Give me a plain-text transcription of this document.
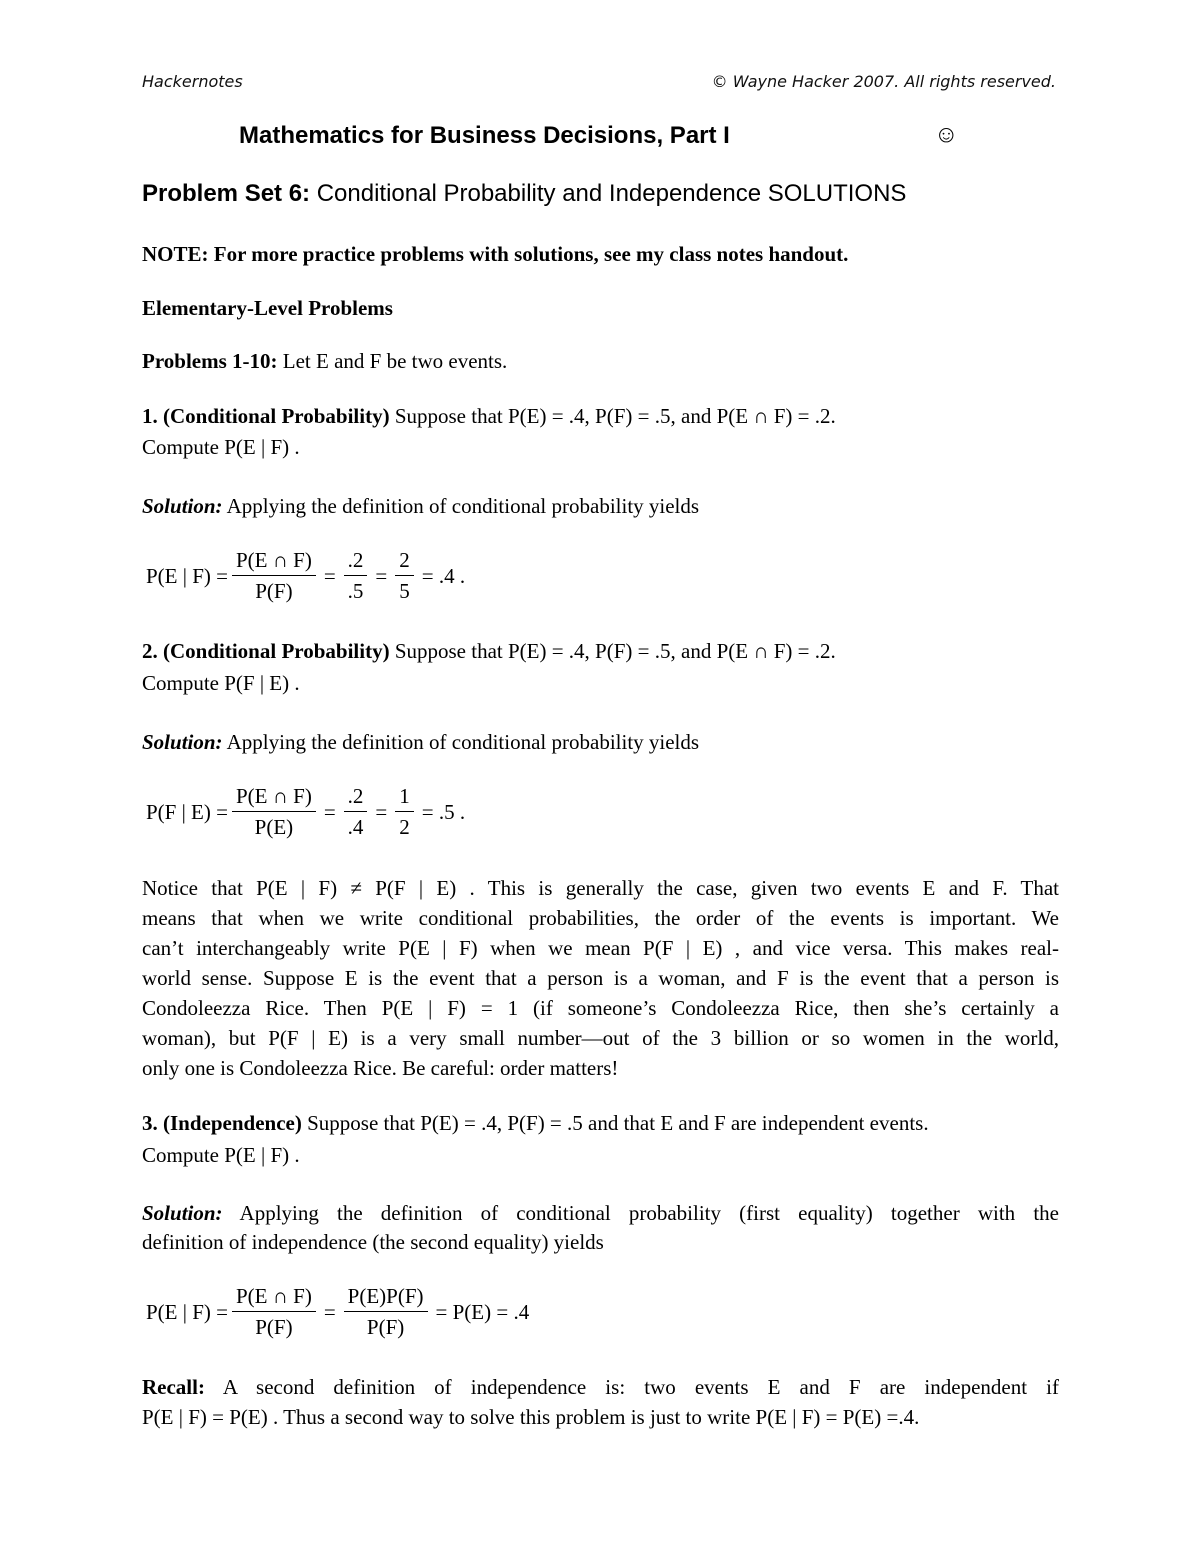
Hackernotes	© Wayne Hacker 2007. All rights reserved.
Mathematics for Business Decisions, Part I	☺
Problem Set 6: Conditional Probability and Independence SOLUTIONS
NOTE: For more practice problems with solutions, see my class notes handout.
Elementary-Level Problems
Problems 1-10: Let E and F be two events.
1. (Conditional Probability) Suppose that P(E) = .4, P(F) = .5, and P(E ∩ F) = .2.
Compute P(E | F) .
Solution: Applying the definition of conditional probability yields
P(E | $F) = \frac{P(E \cap F)}{P(F)} = \frac{.2}{.5} = \frac{2}{5} = .4$ .
2. (Conditional Probability) Suppose that P(E) = .4, P(F) = .5, and P(E ∩ F) = .2.
Compute P(F | E) .
Solution: Applying the definition of conditional probability yields
P(F | $E) = \frac{P(E \cap F)}{P(E)} = \frac{.2}{.4} = \frac{1}{2} = .5$ .
Notice that P(E | F) ≠ P(F | E) . This is generally the case, given two events E and F. That
means that when we write conditional probabilities, the order of the events is important. We
can’t interchangeably write P(E | F) when we mean P(F | E) , and vice versa. This makes real-
world sense. Suppose E is the event that a person is a woman, and F is the event that a person is
Condoleezza Rice. Then P(E | F) = 1 (if someone’s Condoleezza Rice, then she’s certainly a
woman), but P(F | E) is a very small number—out of the 3 billion or so women in the world,
only one is Condoleezza Rice. Be careful: order matters!
3. (Independence) Suppose that P(E) = .4, P(F) = .5 and that E and F are independent events.
Compute P(E | F) .
Solution: Applying the definition of conditional probability (first equality) together with the
definition of independence (the second equality) yields
P(E | $F) = \frac{P(E \cap F)}{P(F)} = \frac{P(E)P(F)}{P(F)} = P(E) = .4$
Recall: A second definition of independence is: two events E and F are independent if
P(E | F) = P(E) . Thus a second way to solve this problem is just to write P(E | F) = P(E) =.4.
